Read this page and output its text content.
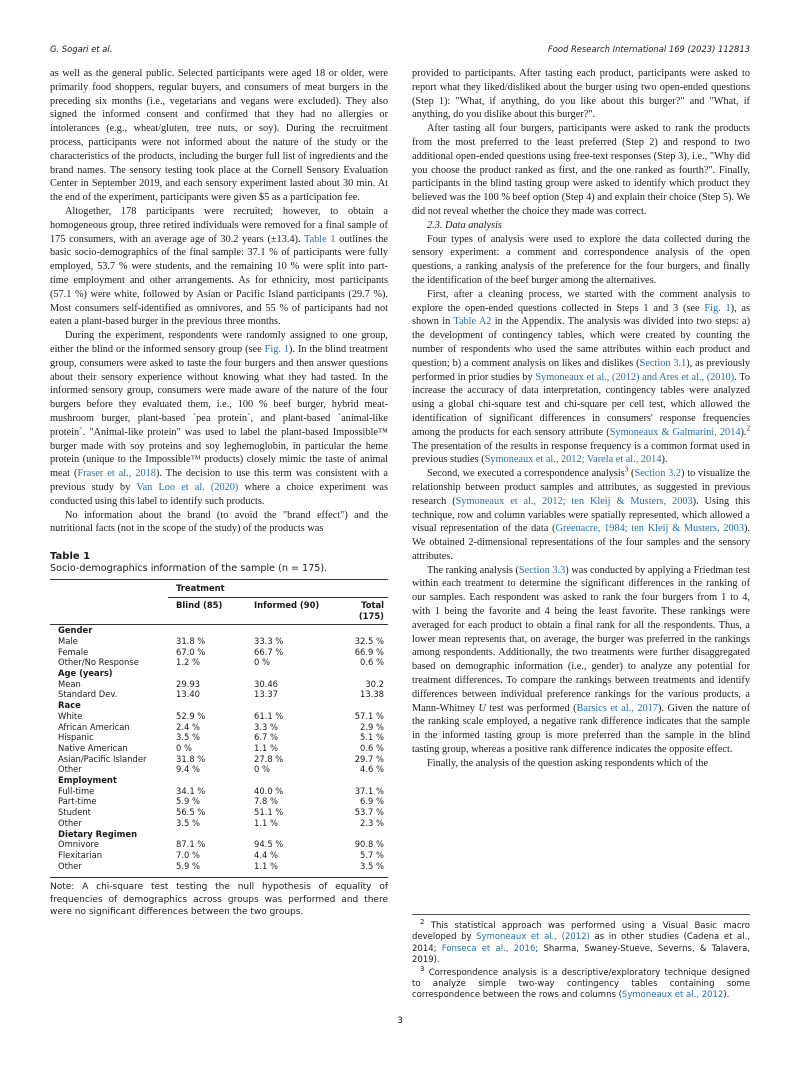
G. Sogari et al.	Food Research International 169 (2023) 112813

as well as the general public. Selected participants were aged 18 or older, were primarily food shoppers, regular buyers, and consumers of meat burgers in the preceding six months (i.e., vegetarians and vegans were excluded). They also signed the informed consent and confirmed that they had no allergies or intolerances (e.g., wheat/gluten, tree nuts, or soy). During the recruitment process, participants were not informed about the nature of the study or the characteristics of the products, including the burger full list of ingredients and the brand names. The sensory testing took place at the Cornell Sensory Evaluation Center in September 2019, and each sensory experiment lasted about 30 min. At the end of the experiment, participants were given $5 as a participation fee.

Altogether, 178 participants were recruited; however, to obtain a homogeneous group, three retired individuals were removed for a final sample of 175 consumers, with an average age of 30.2 years (±13.4). Table 1 outlines the basic socio-demographics of the final sample: 37.1 % of participants were fully employed, 53.7 % were students, and the remaining 10 % were split into part-time employment and other arrangements. As for ethnicity, most participants (57.1 %) were white, followed by Asian or Pacific Island participants (29.7 %). Most consumers self-identified as omnivores, and 55 % of participants had not eaten a plant-based burger in the previous three months.

During the experiment, respondents were randomly assigned to one group, either the blind or the informed sensory group (see Fig. 1). In the blind treatment group, consumers were asked to taste the four burgers and then answer questions about their sensory experience without knowing what they had tasted. In the informed sensory group, consumers were made aware of the nature of the four burgers before they evaluated them, i.e., 100 % beef burger, hybrid meat-mushroom burger, plant-based `pea protein`, and plant-based `animal-like protein`. "Animal-like protein" was used to label the plant-based Impossible™ burger made with soy proteins and soy leghemoglobin, in particular the heme protein (unique to the Impossible™ products) closely mimic the taste of animal meat (Fraser et al., 2018). The decision to use this term was consistent with a previous study by Van Loo et al. (2020) where a choice experiment was conducted using this label to identify such products.

No information about the brand (to avoid the "brand effect") and the nutritional facts (not in the scope of the study) of the products was

Table 1
Socio-demographics information of the sample (n = 175).
	Treatment		
	Blind (85)	Informed (90)	Total (175)
Gender			
Male	31.8 %	33.3 %	32.5 %
Female	67.0 %	66.7 %	66.9 %
Other/No Response	1.2 %	0 %	0.6 %
Age (years)			
Mean	29.93	30.46	30.2
Standard Dev.	13.40	13.37	13.38
Race			
White	52.9 %	61.1 %	57.1 %
African American	2.4 %	3.3 %	2.9 %
Hispanic	3.5 %	6.7 %	5.1 %
Native American	0 %	1.1 %	0.6 %
Asian/Pacific Islander	31.8 %	27.8 %	29.7 %
Other	9.4 %	0 %	4.6 %
Employment			
Full-time	34.1 %	40.0 %	37.1 %
Part-time	5.9 %	7.8 %	6.9 %
Student	56.5 %	51.1 %	53.7 %
Other	3.5 %	1.1 %	2.3 %
Dietary Regimen			
Omnivore	87.1 %	94.5 %	90.8 %
Flexitarian	7.0 %	4.4 %	5.7 %
Other	5.9 %	1.1 %	3.5 %
Note: A chi-square test testing the null hypothesis of equality of frequencies of demographics across groups was performed and there were no significant differences between the two groups.

provided to participants. After tasting each product, participants were asked to report what they liked/disliked about the burger using two open-ended questions (Step 1): "What, if anything, do you like about this burger?" and "What, if anything, do you dislike about this burger?".

After tasting all four burgers, participants were asked to rank the products from the most preferred to the least preferred (Step 2) and respond to two additional open-ended questions using free-text responses (Step 3), i.e., "Why did you choose the product ranked as first, and the one ranked as fourth?". Finally, participants in the blind tasting group were asked to identify which product they believed was the 100 % beef option (Step 4) and explain their choice (Step 5). We did not reveal whether the choice they made was correct.

2.3. Data analysis

Four types of analysis were used to explore the data collected during the sensory experiment: a comment and correspondence analysis of the open questions, a ranking analysis of the preference for the four burgers, and finally the identification of the beef burger among the alternatives.

First, after a cleaning process, we started with the comment analysis to explore the open-ended questions collected in Steps 1 and 3 (see Fig. 1), as shown in Table A2 in the Appendix. The analysis was divided into two steps: a) the development of contingency tables, which were created by counting the number of respondents who used the same attributes within each product and question; b) a comment analysis on likes and dislikes (Section 3.1), as previously performed in prior studies by Symoneaux et al., (2012) and Ares et al., (2010). To increase the accuracy of data interpretation, contingency tables were analyzed using a global chi-square test and chi-square per cell test, which allowed the identification of significant differences in consumers' response frequencies among the products for each sensory attribute (Symoneaux & Galmarini, 2014).$^2$ The presentation of the results in response frequency is a common format used in previous studies (Symoneaux et al., 2012; Varela et al., 2014).

Second, we executed a correspondence analysis$^3$ (Section 3.2) to visualize the relationship between product samples and attributes, as suggested in previous research (Symoneaux et al., 2012; ten Kleij & Musters, 2003). Using this technique, row and column variables were spatially represented, which allowed a visual representation of the data (Greenacre, 1984; ten Kleij & Musters, 2003). We obtained 2-dimensional representations of the four samples and the sensory attributes.

The ranking analysis (Section 3.3) was conducted by applying a Friedman test within each treatment to determine the significant differences in the ranking of our samples. Each respondent was asked to rank the four burgers from 1 to 4, with 1 being the favorite and 4 being the least favorite. These rankings were averaged for each product to obtain a final rank for all the respondents. Thus, a lower mean represents that, on average, the burger was preferred in the rankings among respondents. Additionally, the two treatments were further disaggregated based on demographic information (i.e., gender) to analyze any potential for treatment differences. To compare the rankings between treatments and identify differences between individual preference rankings for the various products, a Mann-Whitney U test was performed (Barsics et al., 2017). Given the nature of the ranking scale employed, a negative rank difference indicates that the sample in the informed tasting group is more preferred than the sample in the blind tasting group, whereas a positive rank difference indicates the opposite effect.

Finally, the analysis of the question asking respondents which of the

$^2$ This statistical approach was performed using a Visual Basic macro developed by Symoneaux et al., (2012) as in other studies (Cadena et al., 2014; Fonseca et al., 2016; Sharma, Swaney-Stueve, Severns, & Talavera, 2019).
$^3$ Correspondence analysis is a descriptive/exploratory technique designed to analyze simple two-way contingency tables containing some correspondence between the rows and columns (Symoneaux et al., 2012).
3
